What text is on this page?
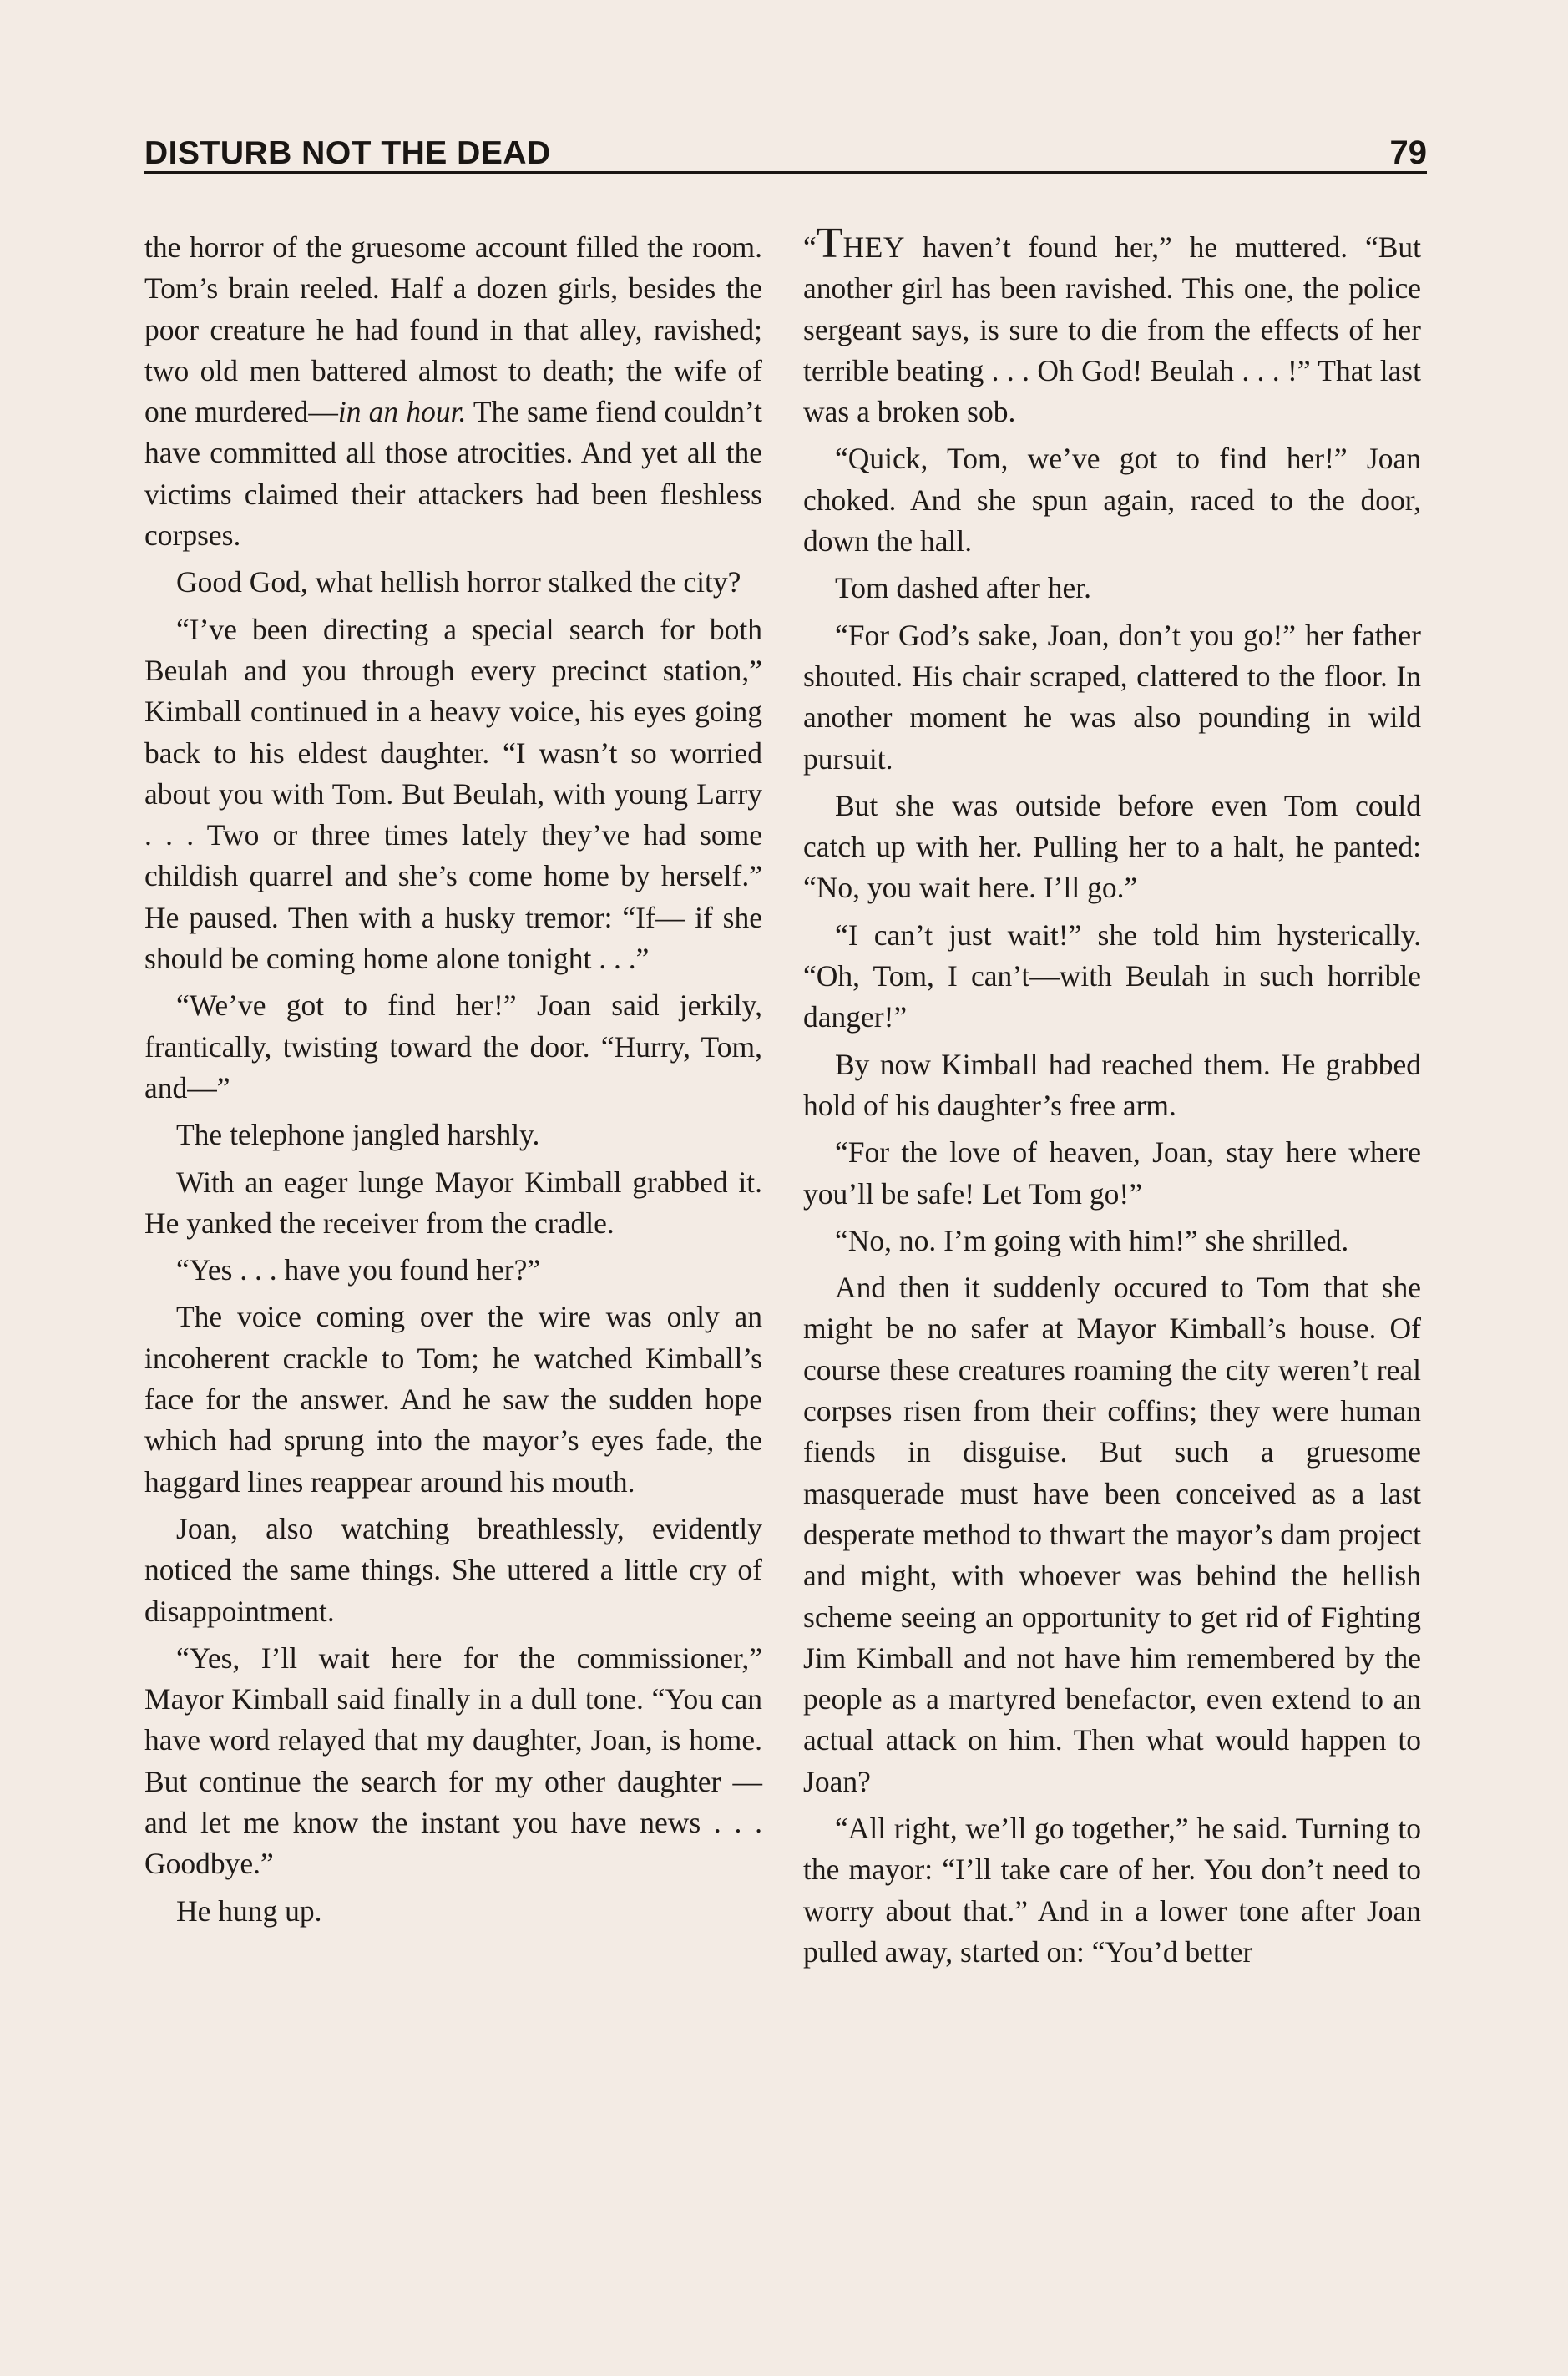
DISTURB NOT THE DEAD	79

the horror of the gruesome account filled the room. Tom’s brain reeled. Half a dozen girls, besides the poor creature he had found in that alley, ravished; two old men battered almost to death; the wife of one murdered—in an hour. The same fiend couldn’t have committed all those atrocities. And yet all the victims claimed their attackers had been fleshless corpses.

Good God, what hellish horror stalked the city?

“I’ve been directing a special search for both Beulah and you through every precinct station,” Kimball continued in a heavy voice, his eyes going back to his eldest daughter. “I wasn’t so worried about you with Tom. But Beulah, with young Larry . . . Two or three times lately they’ve had some childish quarrel and she’s come home by herself.” He paused. Then with a husky tremor: “If— if she should be coming home alone tonight . . .”

“We’ve got to find her!” Joan said jerkily, frantically, twisting toward the door. “Hurry, Tom, and—”

The telephone jangled harshly.

With an eager lunge Mayor Kimball grabbed it. He yanked the receiver from the cradle.

“Yes . . . have you found her?”

The voice coming over the wire was only an incoherent crackle to Tom; he watched Kimball’s face for the answer. And he saw the sudden hope which had sprung into the mayor’s eyes fade, the haggard lines reappear around his mouth.

Joan, also watching breathlessly, evidently noticed the same things. She uttered a little cry of disappointment.

“Yes, I’ll wait here for the commissioner,” Mayor Kimball said finally in a dull tone. “You can have word relayed that my daughter, Joan, is home. But continue the search for my other daughter —and let me know the instant you have news . . . Goodbye.”

He hung up.

“THEY haven’t found her,” he muttered. “But another girl has been ravished. This one, the police sergeant says, is sure to die from the effects of her terrible beating . . . Oh God! Beulah . . . !” That last was a broken sob.

“Quick, Tom, we’ve got to find her!” Joan choked. And she spun again, raced to the door, down the hall.

Tom dashed after her.

“For God’s sake, Joan, don’t you go!” her father shouted. His chair scraped, clattered to the floor. In another moment he was also pounding in wild pursuit.

But she was outside before even Tom could catch up with her. Pulling her to a halt, he panted: “No, you wait here. I’ll go.”

“I can’t just wait!” she told him hysterically. “Oh, Tom, I can’t—with Beulah in such horrible danger!”

By now Kimball had reached them. He grabbed hold of his daughter’s free arm.

“For the love of heaven, Joan, stay here where you’ll be safe! Let Tom go!”

“No, no. I’m going with him!” she shrilled.

And then it suddenly occured to Tom that she might be no safer at Mayor Kimball’s house. Of course these creatures roaming the city weren’t real corpses risen from their coffins; they were human fiends in disguise. But such a gruesome masquerade must have been conceived as a last desperate method to thwart the mayor’s dam project and might, with whoever was behind the hellish scheme seeing an opportunity to get rid of Fighting Jim Kimball and not have him remembered by the people as a martyred benefactor, even extend to an actual attack on him. Then what would happen to Joan?

“All right, we’ll go together,” he said. Turning to the mayor: “I’ll take care of her. You don’t need to worry about that.” And in a lower tone after Joan pulled away, started on: “You’d better
